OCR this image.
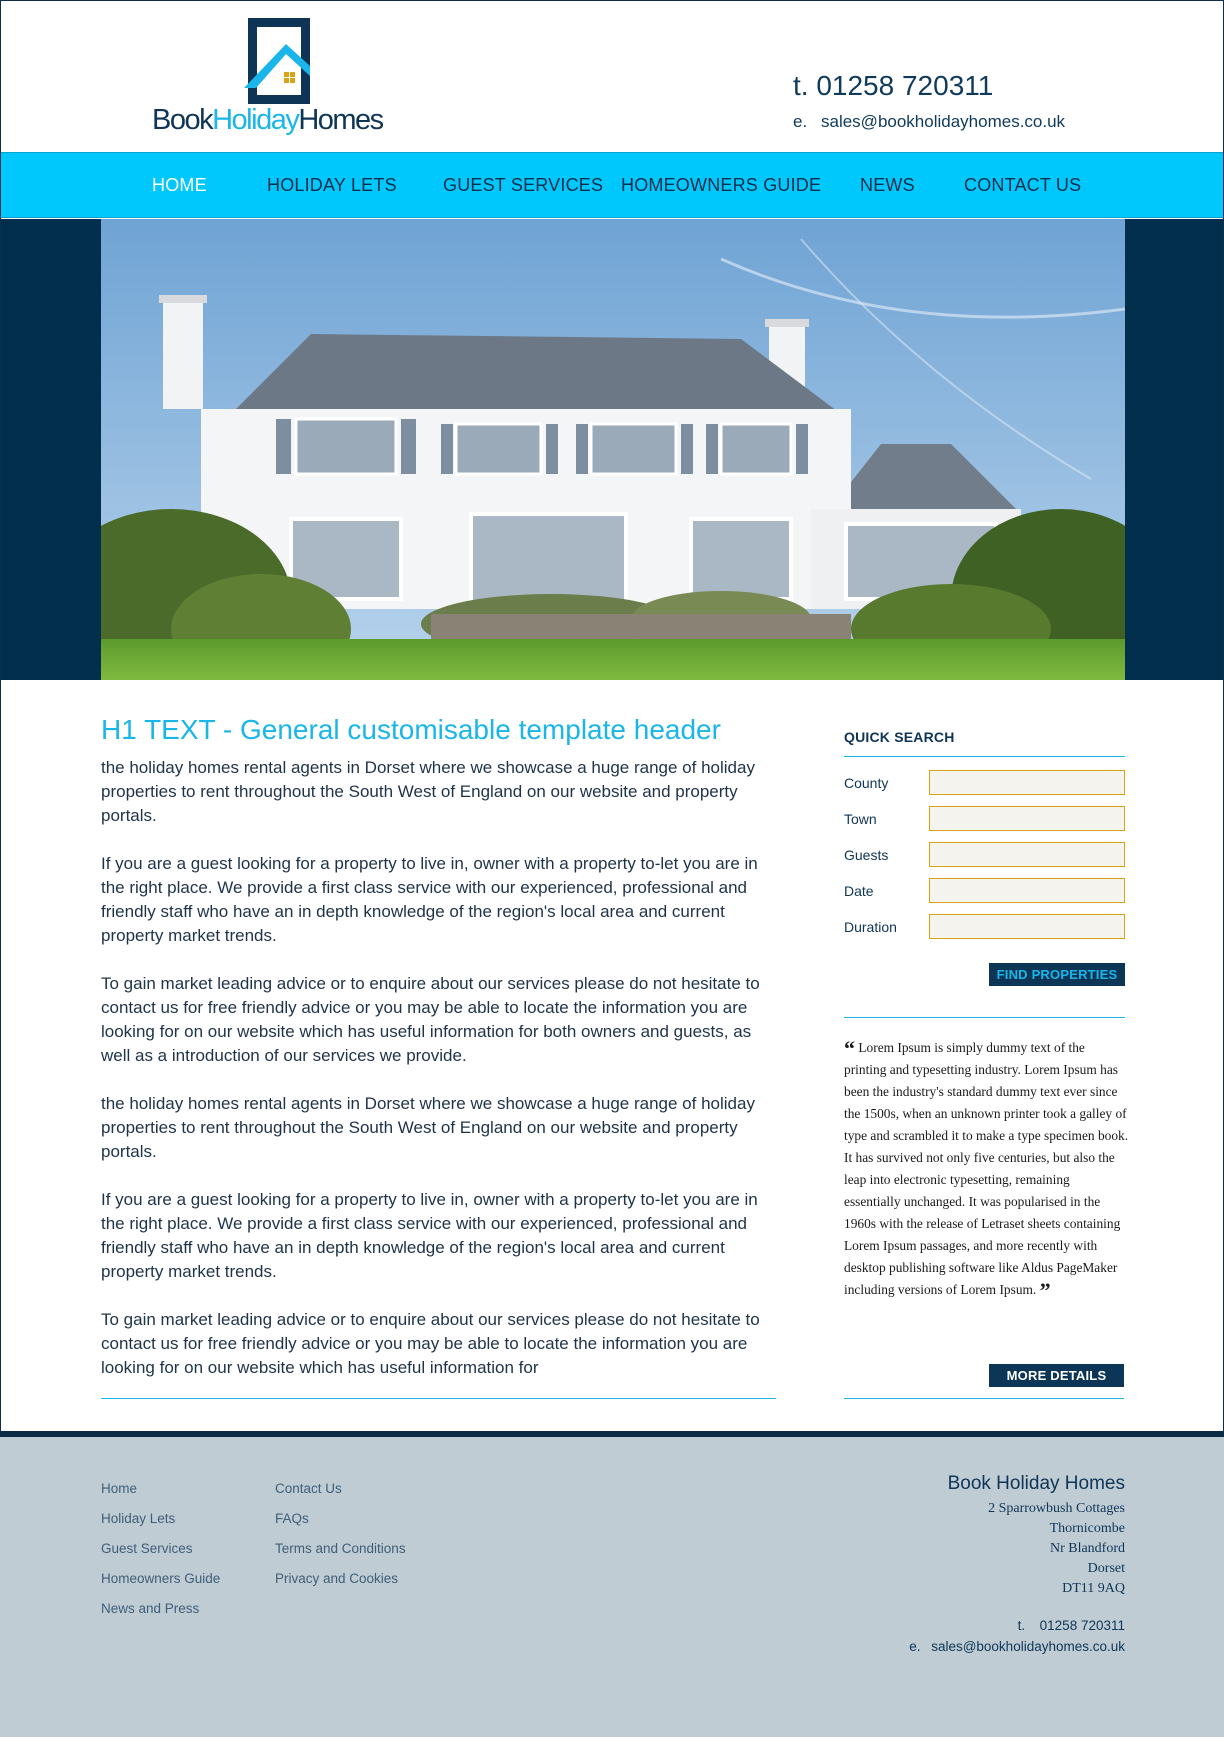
BookHolidayHomes
t. 01258 720311
e. sales@bookholidayhomes.co.uk
HOME	HOLIDAY LETS	GUEST SERVICES HOMEOWNERS GUIDE NEWS	CONTACT US
H1 TEXT - General customisable template header

the holiday homes rental agents in Dorset where we showcase a huge range of holiday properties to rent throughout the South West of England on our website and property portals.

If you are a guest looking for a property to live in, owner with a property to-let you are in the right place. We provide a first class service with our experienced, professional and friendly staff who have an in depth knowledge of the region's local area and current property market trends.

To gain market leading advice or to enquire about our services please do not hesitate to contact us for free friendly advice or you may be able to locate the information you are looking for on our website which has useful information for both owners and guests, as well as a introduction of our services we provide.

the holiday homes rental agents in Dorset where we showcase a huge range of holiday properties to rent throughout the South West of England on our website and property portals.

If you are a guest looking for a property to live in, owner with a property to-let you are in the right place. We provide a first class service with our experienced, professional and friendly staff who have an in depth knowledge of the region's local area and current property market trends.

To gain market leading advice or to enquire about our services please do not hesitate to contact us for free friendly advice or you may be able to locate the information you are looking for on our website which has useful information for

QUICK SEARCH
County
Town
Guests
Date
Duration
FIND PROPERTIES
“ Lorem Ipsum is simply dummy text of the printing and typesetting industry. Lorem Ipsum has been the industry's standard dummy text ever since the 1500s, when an unknown printer took a galley of type and scrambled it to make a type specimen book. It has survived not only five centuries, but also the leap into electronic typesetting, remaining essentially unchanged. It was popularised in the 1960s with the release of Letraset sheets containing Lorem Ipsum passages, and more recently with desktop publishing software like Aldus PageMaker including versions of Lorem Ipsum. ”
MORE DETAILS
Home
Holiday Lets
Guest Services
Homeowners Guide
News and Press
Contact Us
FAQs
Terms and Conditions
Privacy and Cookies
Book Holiday Homes
2 Sparrowbush Cottages
Thornicombe
Nr Blandford
Dorset
DT11 9AQ
t. 01258 720311
e. sales@bookholidayhomes.co.uk
